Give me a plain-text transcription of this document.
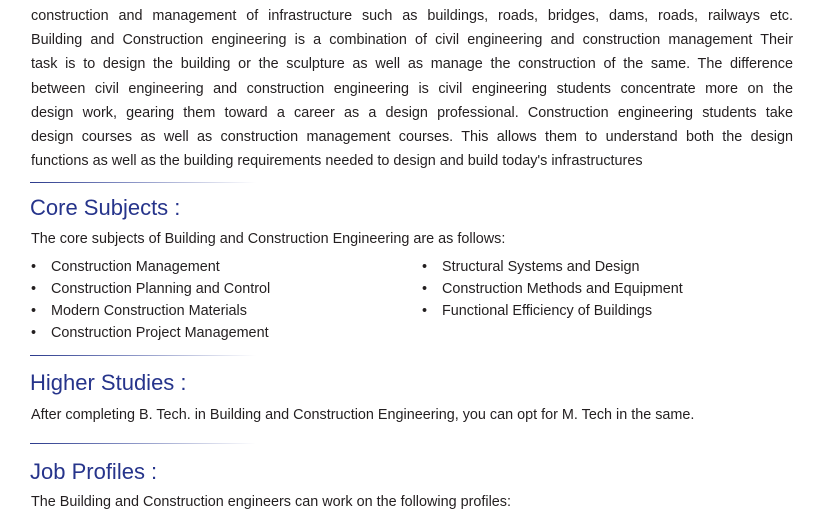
construction and management of infrastructure such as buildings, roads, bridges, dams, roads, railways etc.
Building and Construction engineering is a combination of civil engineering and construction management Their
task is to design the building or the sculpture as well as manage the construction of the same. The difference
between civil engineering and construction engineering is civil engineering students concentrate more on the
design work, gearing them toward a career as a design professional. Construction engineering students take
design courses as well as construction management courses. This allows them to understand both the design
functions as well as the building requirements needed to design and build today's infrastructures
Core Subjects :

The core subjects of Building and Construction Engineering are as follows:

• Construction Management
• Construction Planning and Control
• Modern Construction Materials
• Construction Project Management
• Structural Systems and Design
• Construction Methods and Equipment
• Functional Efficiency of Buildings
Higher Studies :

After completing B. Tech. in Building and Construction Engineering, you can opt for M. Tech in the same.

Job Profiles :

The Building and Construction engineers can work on the following profiles:
